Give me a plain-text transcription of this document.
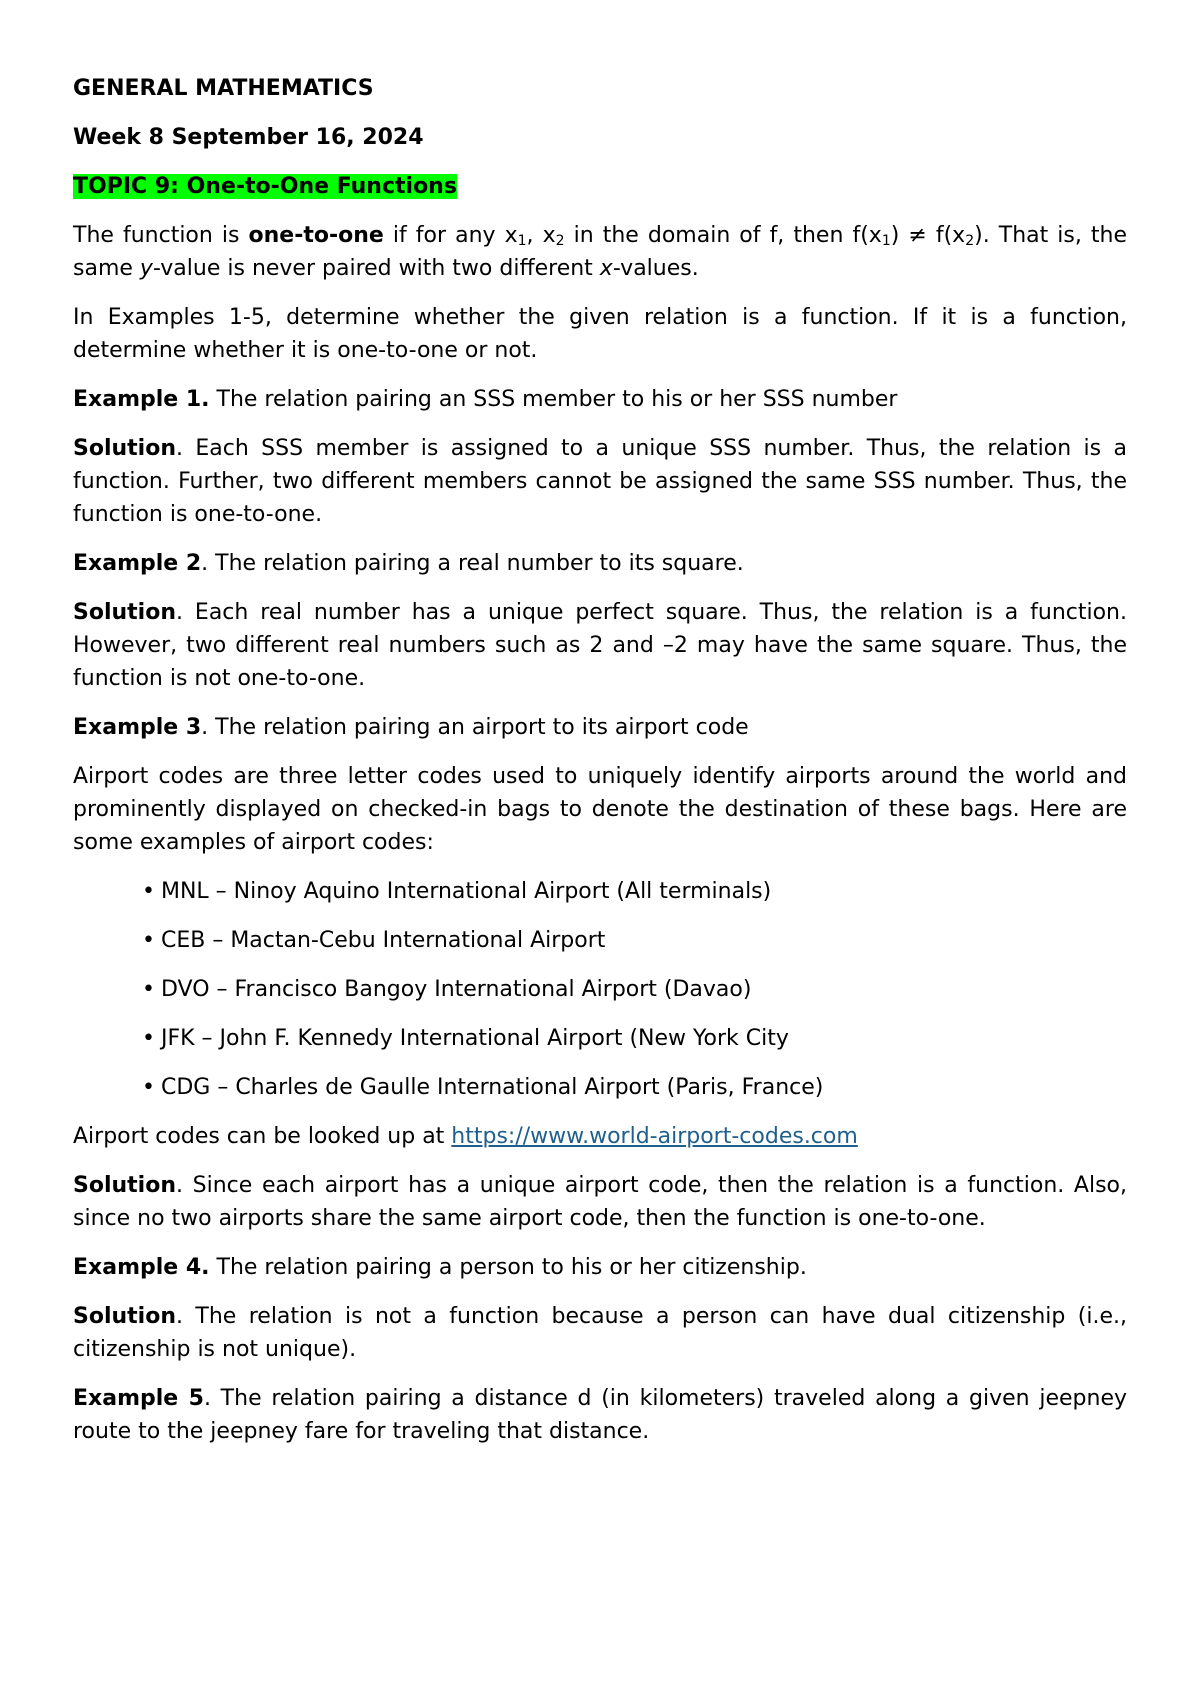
GENERAL MATHEMATICS

Week 8 September 16, 2024

TOPIC 9: One-to-One Functions

The function is one-to-one if for any $x_1$, $x_2$ in the domain of f, then $f(x_1) \ne f(x_2)$. That is, the same y-value is never paired with two different x-values.

In Examples 1-5, determine whether the given relation is a function. If it is a function, determine whether it is one-to-one or not.

Example 1. The relation pairing an SSS member to his or her SSS number

Solution. Each SSS member is assigned to a unique SSS number. Thus, the relation is a function. Further, two different members cannot be assigned the same SSS number. Thus, the function is one-to-one.

Example 2. The relation pairing a real number to its square.

Solution. Each real number has a unique perfect square. Thus, the relation is a function. However, two different real numbers such as 2 and –2 may have the same square. Thus, the function is not one-to-one.

Example 3. The relation pairing an airport to its airport code

Airport codes are three letter codes used to uniquely identify airports around the world and prominently displayed on checked-in bags to denote the destination of these bags. Here are some examples of airport codes:

• MNL – Ninoy Aquino International Airport (All terminals)
• CEB – Mactan-Cebu International Airport
• DVO – Francisco Bangoy International Airport (Davao)
• JFK – John F. Kennedy International Airport (New York City
• CDG – Charles de Gaulle International Airport (Paris, France)

Airport codes can be looked up at https://www.world-airport-codes.com

Solution. Since each airport has a unique airport code, then the relation is a function. Also, since no two airports share the same airport code, then the function is one-to-one.

Example 4. The relation pairing a person to his or her citizenship.

Solution. The relation is not a function because a person can have dual citizenship (i.e., citizenship is not unique).

Example 5. The relation pairing a distance d (in kilometers) traveled along a given jeepney route to the jeepney fare for traveling that distance.
